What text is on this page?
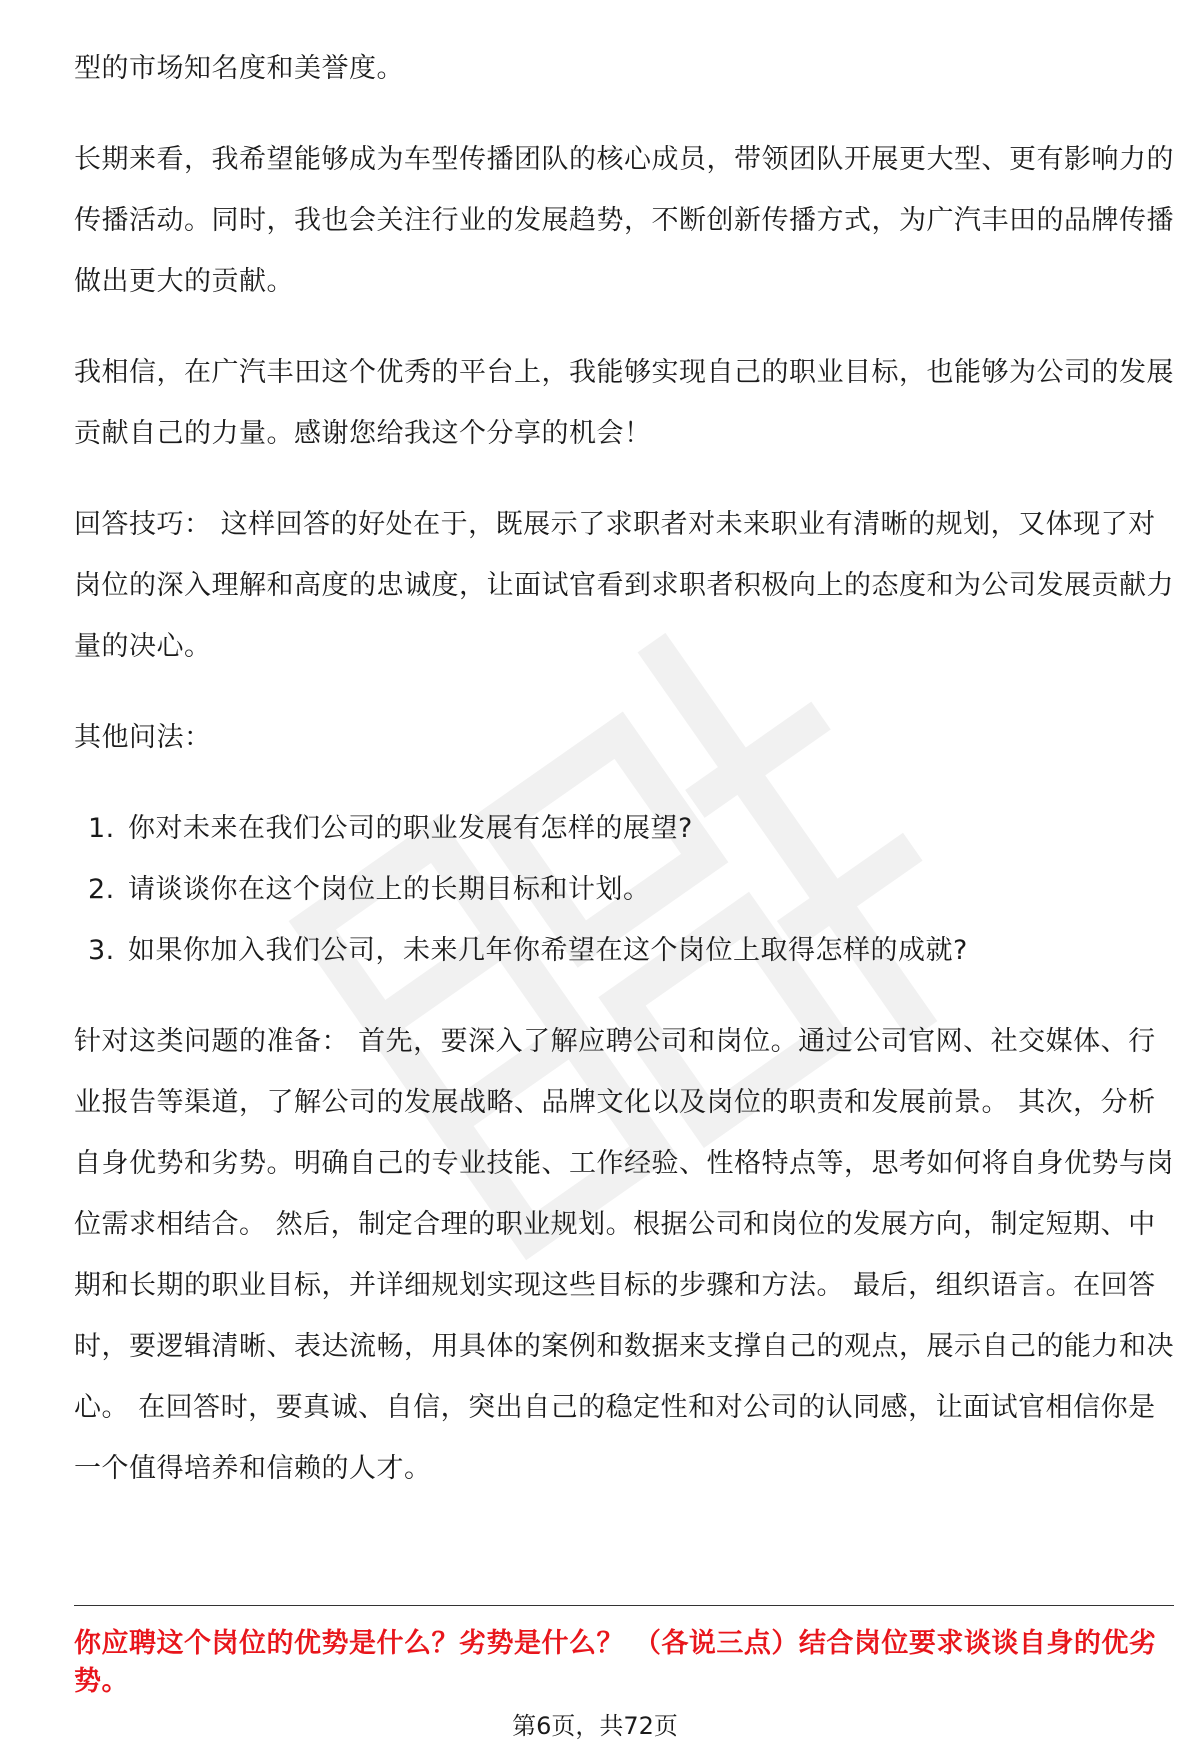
型的市场知名度和美誉度。

长期来看，我希望能够成为车型传播团队的核心成员，带领团队开展更大型、更有影响力的传播活动。同时，我也会关注行业的发展趋势，不断创新传播方式，为广汽丰田的品牌传播做出更大的贡献。

我相信，在广汽丰田这个优秀的平台上，我能够实现自己的职业目标，也能够为公司的发展贡献自己的力量。感谢您给我这个分享的机会！

回答技巧： 这样回答的好处在于，既展示了求职者对未来职业有清晰的规划，又体现了对岗位的深入理解和高度的忠诚度，让面试官看到求职者积极向上的态度和为公司发展贡献力量的决心。

其他问法：

1. 你对未来在我们公司的职业发展有怎样的展望?
2. 请谈谈你在这个岗位上的长期目标和计划。
3. 如果你加入我们公司，未来几年你希望在这个岗位上取得怎样的成就?

针对这类问题的准备： 首先，要深入了解应聘公司和岗位。通过公司官网、社交媒体、行业报告等渠道，了解公司的发展战略、品牌文化以及岗位的职责和发展前景。 其次，分析自身优势和劣势。明确自己的专业技能、工作经验、性格特点等，思考如何将自身优势与岗位需求相结合。 然后，制定合理的职业规划。根据公司和岗位的发展方向，制定短期、中期和长期的职业目标，并详细规划实现这些目标的步骤和方法。 最后，组织语言。在回答时，要逻辑清晰、表达流畅，用具体的案例和数据来支撑自己的观点，展示自己的能力和决心。 在回答时，要真诚、自信，突出自己的稳定性和对公司的认同感，让面试官相信你是一个值得培养和信赖的人才。

你应聘这个岗位的优势是什么？劣势是什么？ （各说三点）结合岗位要求谈谈自身的优劣势。
第6页，共72页
